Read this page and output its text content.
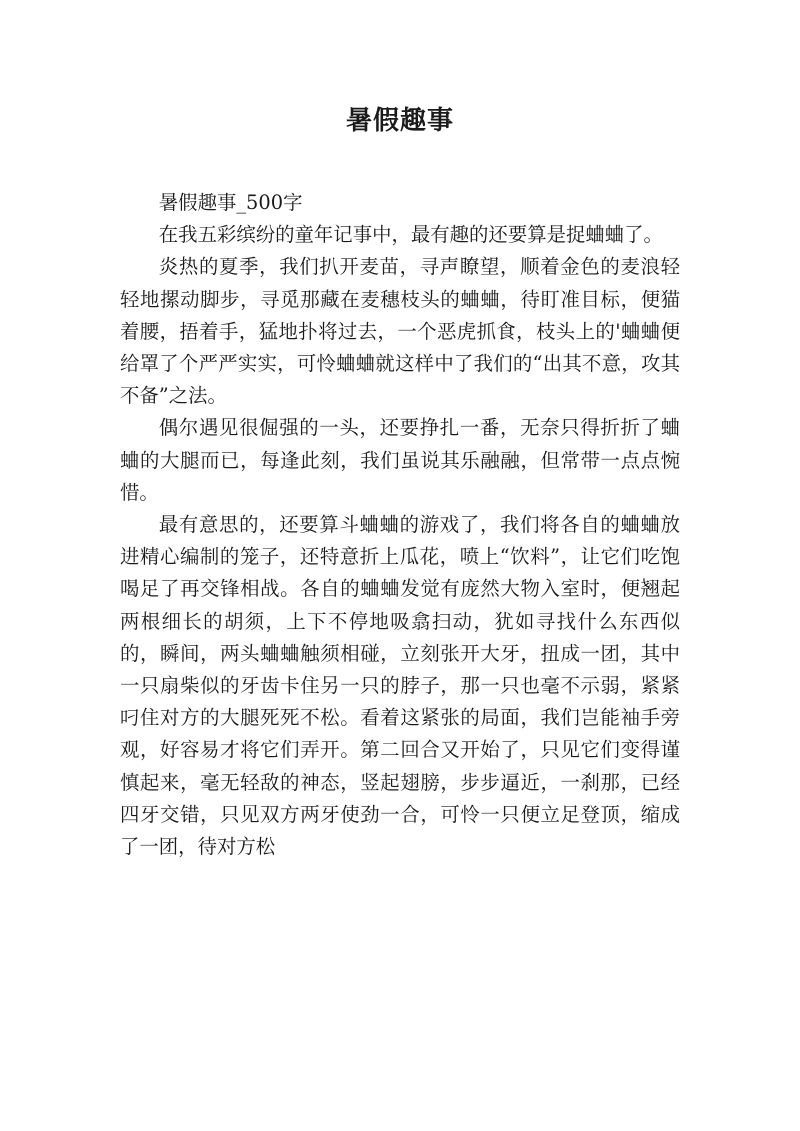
暑假趣事

暑假趣事_500字

在我五彩缤纷的童年记事中，最有趣的还要算是捉蛐蛐了。

炎热的夏季，我们扒开麦苗，寻声瞭望，顺着金色的麦浪轻轻地摞动脚步，寻觅那藏在麦穗枝头的蛐蛐，待盯准目标，便猫着腰，捂着手，猛地扑将过去，一个恶虎抓食，枝头上的'蛐蛐便给罩了个严严实实，可怜蛐蛐就这样中了我们的“出其不意，攻其不备”之法。

偶尔遇见很倔强的一头，还要挣扎一番，无奈只得折折了蛐蛐的大腿而已，每逢此刻，我们虽说其乐融融，但常带一点点惋惜。

最有意思的，还要算斗蛐蛐的游戏了，我们将各自的蛐蛐放进精心编制的笼子，还特意折上瓜花，喷上“饮料”，让它们吃饱喝足了再交锋相战。各自的蛐蛐发觉有庞然大物入室时，便翘起两根细长的胡须，上下不停地吸翕扫动，犹如寻找什么东西似的，瞬间，两头蛐蛐触须相碰，立刻张开大牙，扭成一团，其中一只扇柴似的牙齿卡住另一只的脖子，那一只也毫不示弱，紧紧叼住对方的大腿死死不松。看着这紧张的局面，我们岂能袖手旁观，好容易才将它们弄开。第二回合又开始了，只见它们变得谨慎起来，毫无轻敌的神态，竖起翅膀，步步逼近，一刹那，已经四牙交错，只见双方两牙使劲一合，可怜一只便立足登顶，缩成了一团，待对方松
